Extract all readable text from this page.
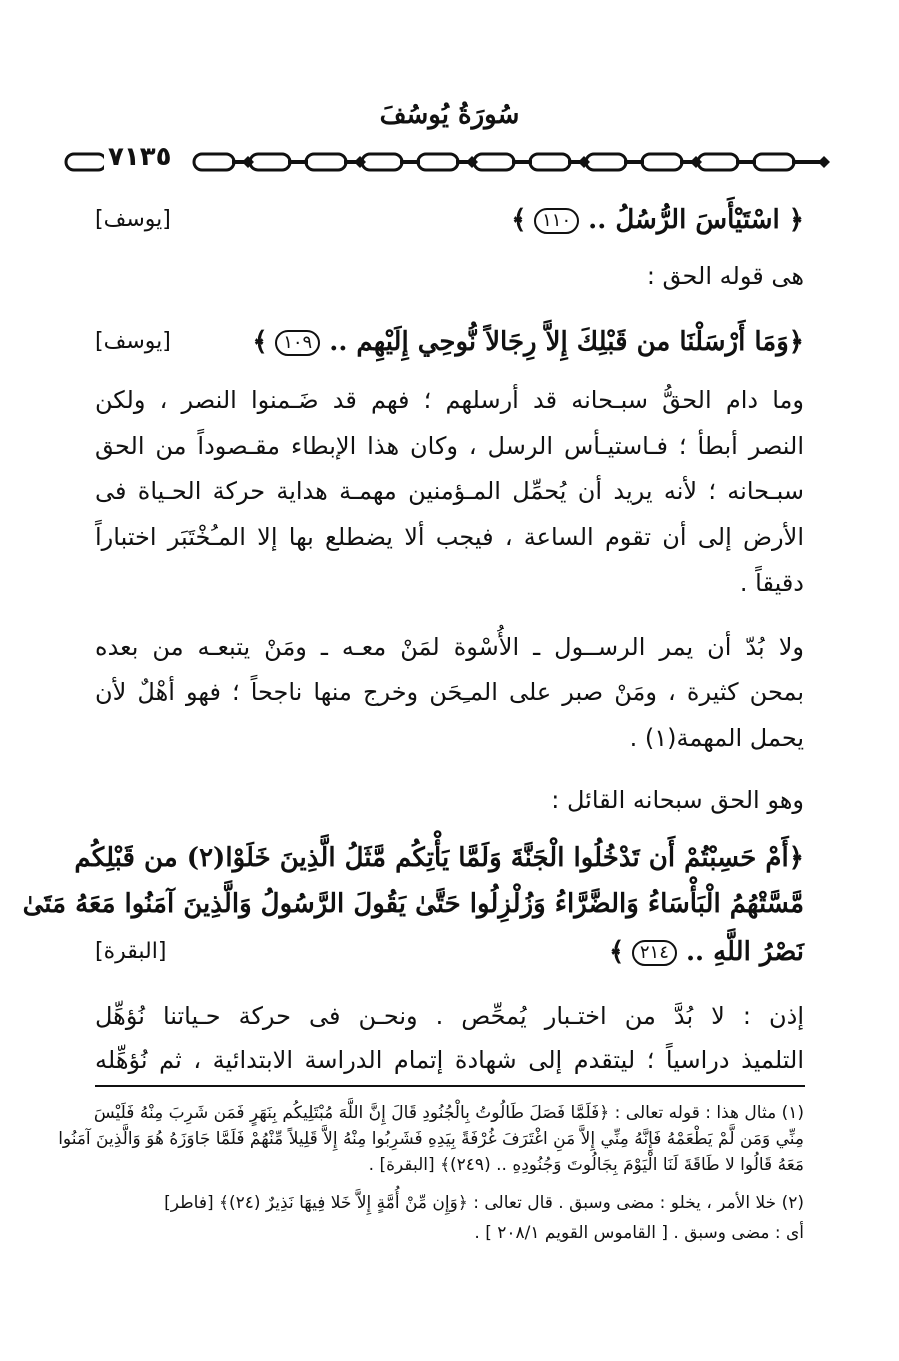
سُورَةُ يُوسُفَ
٧١٣٥
﴿ اسْتَيْأَسَ الرُّسُلُ .. ١١٠ ﴾
[يوسف]
هى قوله الحق :
﴿وَمَا أَرْسَلْنَا من قَبْلِكَ إِلاَّ رِجَالاً نُّوحِي إِلَيْهِم .. ١٠٩ ﴾
[يوسف]
وما دام الحقُّ سبـحانه قد أرسلهم ؛ فهم قد ضَـمنوا النصر ، ولكن
النصر أبطأ ؛ فـاستيـأس الرسل ، وكان هذا الإبطاء مقـصوداً من الحق
سبـحانه ؛ لأنه يريد أن يُحمِّل المـؤمنين مهمـة هداية حركة الحـياة فى
الأرض إلى أن تقوم الساعة ، فيجب ألا يضطلع بها إلا المـُخْتَبَر اختباراً
دقيقاً .
ولا بُدّ أن يمر الرســول ـ الأُسْوة لمَنْ معـه ـ ومَنْ يتبعـه من بعده
بمحن كثيرة ، ومَنْ صبر على المـِحَن وخرج منها ناجحاً ؛ فهو أهْلٌ لأن
يحمل المهمة(١) .
وهو الحق سبحانه القائل :
﴿أَمْ حَسِبْتُمْ أَن تَدْخُلُوا الْجَنَّةَ وَلَمَّا يَأْتِكُم مَّثَلُ الَّذِينَ خَلَوْا(٢) من قَبْلِكُم
مَّسَّتْهُمُ الْبَأْسَاءُ وَالضَّرَّاءُ وَزُلْزِلُوا حَتَّىٰ يَقُولَ الرَّسُولُ وَالَّذِينَ آمَنُوا مَعَهُ مَتَىٰ
نَصْرُ اللَّهِ .. ٢١٤ ﴾
[البقرة]
إذن : لا بُدَّ من اختـبار يُمحِّص . ونحـن فى حركة حـياتنا نُؤهِّل
التلميذ دراسياً ؛ ليتقدم إلى شهادة إتمام الدراسة الابتدائية ، ثم نُؤهِّله
(١) مثال هذا : قوله تعالى : ﴿فَلَمَّا فَصَلَ طَالُوتُ بِالْجُنُودِ قَالَ إِنَّ اللَّهَ مُبْتَلِيكُم بِنَهَرٍ فَمَن شَرِبَ مِنْهُ فَلَيْسَ
مِنِّي وَمَن لَّمْ يَطْعَمْهُ فَإِنَّهُ مِنِّي إِلاَّ مَنِ اغْتَرَفَ غُرْفَةً بِيَدِهِ فَشَرِبُوا مِنْهُ إِلاَّ قَلِيلاً مِّنْهُمْ فَلَمَّا جَاوَزَهُ هُوَ وَالَّذِينَ آمَنُوا
مَعَهُ قَالُوا لا طَاقَةَ لَنَا الْيَوْمَ بِجَالُوتَ وَجُنُودِهِ .. (٢٤٩)﴾ [البقرة] .
(٢) خلا الأمر ، يخلو : مضى وسبق . قال تعالى : ﴿وَإِن مِّنْ أُمَّةٍ إِلاَّ خَلا فِيهَا نَذِيرٌ (٢٤)﴾ [فاطر]
أى : مضى وسبق . [ القاموس القويم ٢٠٨/١ ] .
